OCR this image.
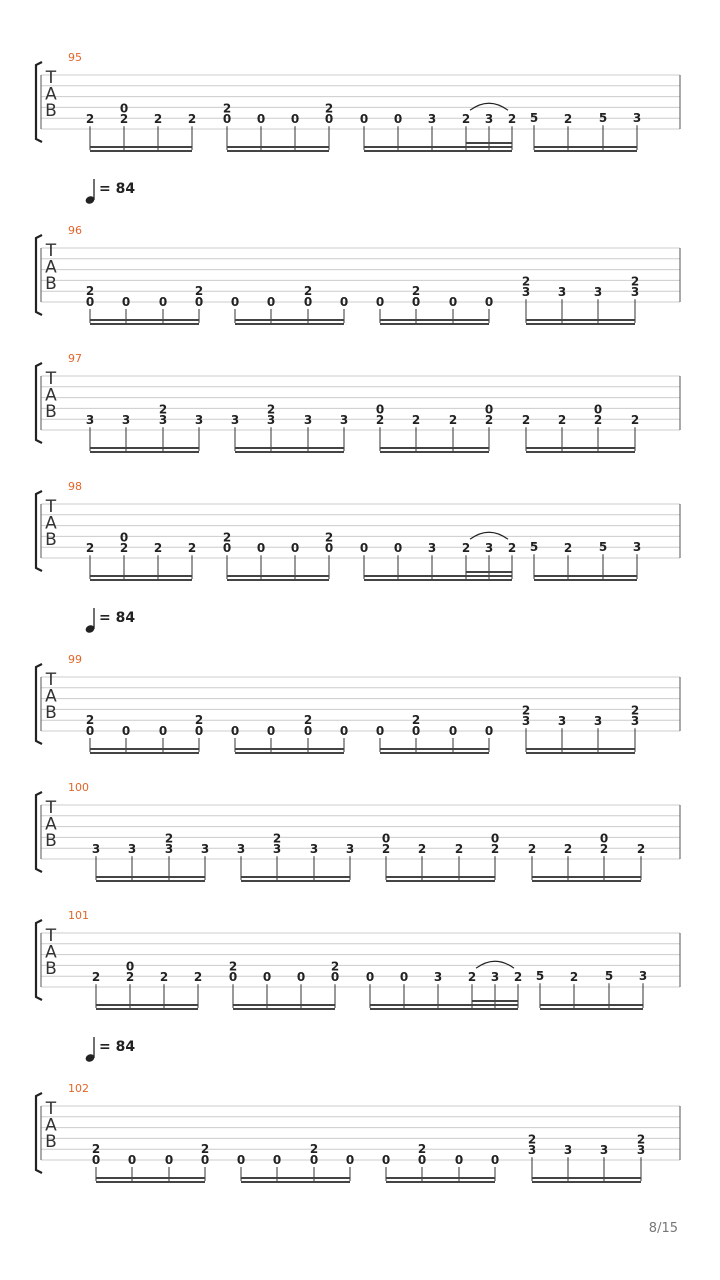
95
T
A
B 2 2
0
2 2 0
2
0 0 0
2
0 0 3 2 3 2 5 2 5 3
96
= 84
T
A
B
0
2
0 0 0
2
0 0 0
2
0 0 0
2
0 0
3
2
3 3 3
2
97
T
A
B 3 3 3
2
3 3 3
2
3 3 2
0
2 2 2
0
2 2 2
0
2
98
T
A
B 2 2
0
2 2 0
2
0 0 0
2
0 0 3 2 3 2 5 2 5 3
99
= 84
T
A
B
0
2
0 0 0
2
0 0 0
2
0 0 0
2
0 0
3
2
3 3 3
2
100
T
A
B	3 3 3
2
3 3 3
2
3 3 2
0
2 2 2
0
2 2 2
0
2
101
T
A
B	2 2
0
2 2 0
2
0 0 0
2
0 0 3 2 3 2 5 2 5 3
102
= 84
T
A
B
0
2
0 0 0
2
0 0 0
2
0 0 0
2
0 0
3
2
3 3 3
2
8/15
